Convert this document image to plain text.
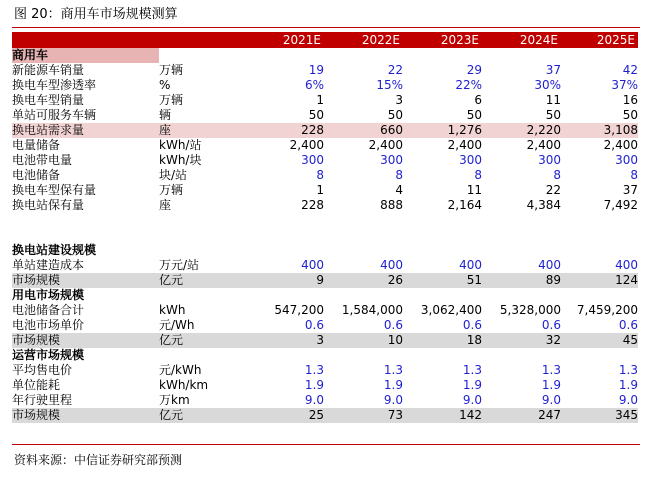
图 20：商用车市场规模测算
		2021E	2022E	2023E	2024E	2025E
商用车						
新能源车销量	万辆	19	22	29	37	42
换电车型渗透率	%	6%	15%	22%	30%	37%
换电车型销量	万辆	1	3	6	11	16
单站可服务车辆	辆	50	50	50	50	50
换电站需求量	座	228	660	1,276	2,220	3,108
电量储备	kWh/站	2,400	2,400	2,400	2,400	2,400
电池带电量	kWh/块	300	300	300	300	300
电池储备	块/站	8	8	8	8	8
换电车型保有量	万辆	1	4	11	22	37
换电站保有量	座	228	888	2,164	4,384	7,492

换电站建设规模						
单站建造成本	万元/站	400	400	400	400	400
市场规模	亿元	9	26	51	89	124
用电市场规模						
电池储备合计	kWh	547,200	1,584,000	3,062,400	5,328,000	7,459,200
电池市场单价	元/Wh	0.6	0.6	0.6	0.6	0.6
市场规模	亿元	3	10	18	32	45
运营市场规模						
平均售电价	元/kWh	1.3	1.3	1.3	1.3	1.3
单位能耗	kWh/km	1.9	1.9	1.9	1.9	1.9
年行驶里程	万km	9.0	9.0	9.0	9.0	9.0
市场规模	亿元	25	73	142	247	345
资料来源：中信证券研究部预测
